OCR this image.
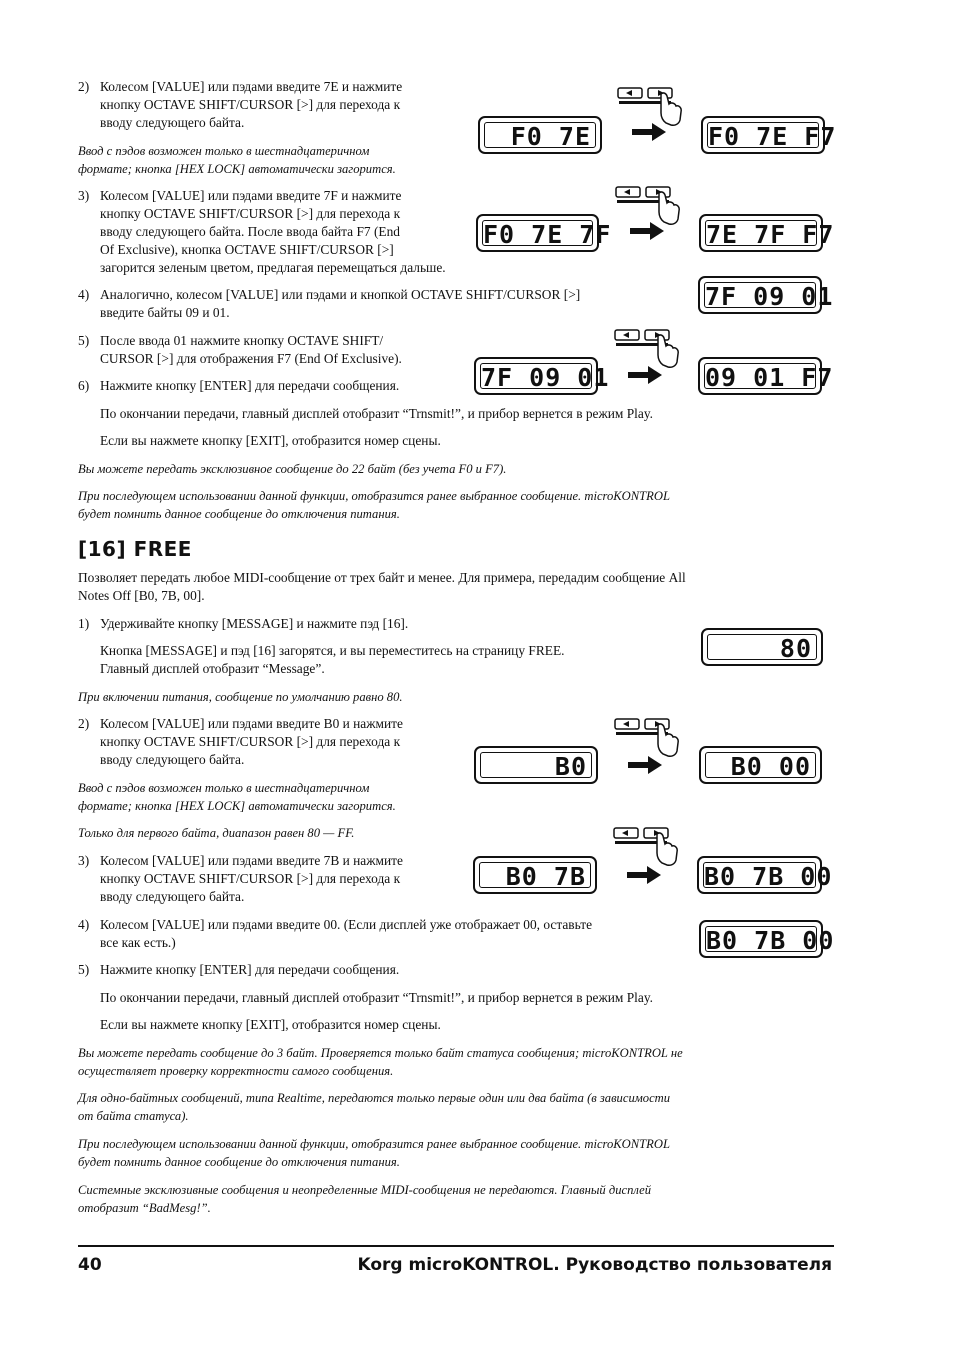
2) Колесом [VALUE] или пэдами введите 7E и нажмите
кнопку OCTAVE SHIFT/CURSOR [>] для перехода к
вводу следующего байта.
Ввод с пэдов возможен только в шестнадцатеричном
формате; кнопка [HEX LOCK] автоматически загорится.
3) Колесом [VALUE] или пэдами введите 7F и нажмите
кнопку OCTAVE SHIFT/CURSOR [>] для перехода к
вводу следующего байта. После ввода байта F7 (End
Of Exclusive), кнопка OCTAVE SHIFT/CURSOR [>]
загорится зеленым цветом, предлагая перемещаться дальше.
4) Аналогично, колесом [VALUE] или пэдами и кнопкой OCTAVE SHIFT/CURSOR [>]
введите байты 09 и 01.
5) После ввода 01 нажмите кнопку OCTAVE SHIFT/
CURSOR [>] для отображения F7 (End Of Exclusive).
6) Нажмите кнопку [ENTER] для передачи сообщения.
По окончании передачи, главный дисплей отобразит “Trnsmit!”, и прибор вернется в режим Play.
Если вы нажмете кнопку [EXIT], отобразится номер сцены.
Вы можете передать эксклюзивное сообщение до 22 байт (без учета F0 и F7).
При последующем использовании данной функции, отобразится ранее выбранное сообщение. microKONTROL
будет помнить данное сообщение до отключения питания.
[16] FREE
Позволяет передать любое MIDI-сообщение от трех байт и менее. Для примера, передадим сообщение All
Notes Off [B0, 7B, 00].
1) Удерживайте кнопку [MESSAGE] и нажмите пэд [16].
Кнопка [MESSAGE] и пэд [16] загорятся, и вы переместитесь на страницу FREE.
Главный дисплей отобразит “Message”.
При включении питания, сообщение по умолчанию равно 80.
2) Колесом [VALUE] или пэдами введите B0 и нажмите
кнопку OCTAVE SHIFT/CURSOR [>] для перехода к
вводу следующего байта.
Ввод с пэдов возможен только в шестнадцатеричном
формате; кнопка [HEX LOCK] автоматически загорится.
Только для первого байта, диапазон равен 80 — FF.
3) Колесом [VALUE] или пэдами введите 7B и нажмите
кнопку OCTAVE SHIFT/CURSOR [>] для перехода к
вводу следующего байта.
4) Колесом [VALUE] или пэдами введите 00. (Если дисплей уже отображает 00, оставьте
все как есть.)
5) Нажмите кнопку [ENTER] для передачи сообщения.
По окончании передачи, главный дисплей отобразит “Trnsmit!”, и прибор вернется в режим Play.
Если вы нажмете кнопку [EXIT], отобразится номер сцены.
Вы можете передать сообщение до 3 байт. Проверяется только байт статуса сообщения; microKONTROL не
осуществляет проверку корректности самого сообщения.
Для одно-байтных сообщений, типа Realtime, передаются только первые один или два байта (в зависимости
от байта статуса).
При последующем использовании данной функции, отобразится ранее выбранное сообщение. microKONTROL
будет помнить данное сообщение до отключения питания.
Системные эксклюзивные сообщения и неопределенные MIDI-сообщения не передаются. Главный дисплей
отобразит “BadMesg!”.
F0 7E	F0 7E F7
F0 7E 7F	7E 7F F7
7F 09 01
7F 09 01	09 01 F7
80
B0	B0 00
B0 7B	B0 7B 00
B0 7B 00
40	Korg microKONTROL. Руководство пользователя
